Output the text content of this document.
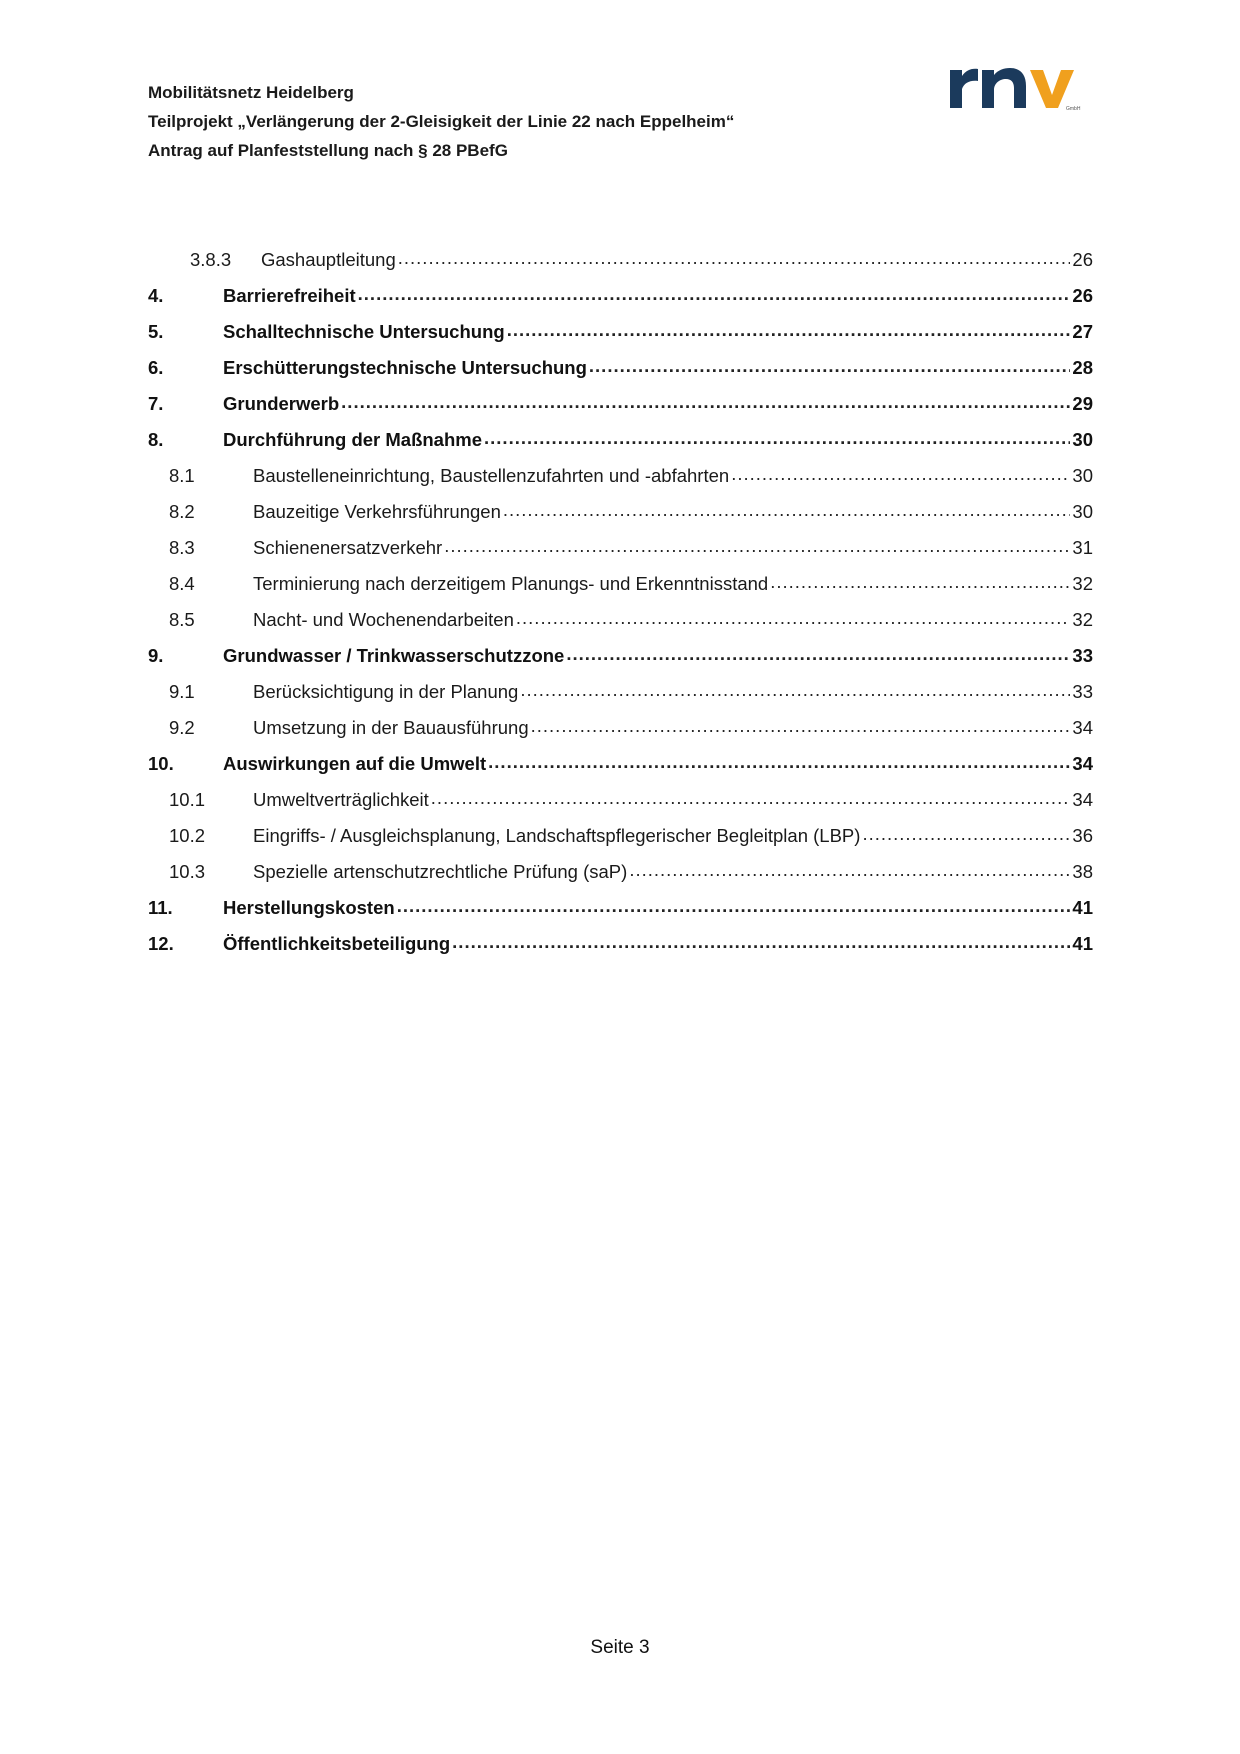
Mobilitätsnetz Heidelberg
Teilprojekt „Verlängerung der 2-Gleisigkeit der Linie 22 nach Eppelheim“
Antrag auf Planfeststellung nach § 28 PBefG
GmbH
3.8.3	Gashauptleitung .....	26
4.	Barrierefreiheit .....	26
5.	Schalltechnische Untersuchung .....	27
6.	Erschütterungstechnische Untersuchung .....	28
7.	Grunderwerb .....	29
8.	Durchführung der Maßnahme .....	30
8.1	Baustelleneinrichtung, Baustellenzufahrten und -abfahrten .....	30
8.2	Bauzeitige Verkehrsführungen .....	30
8.3	Schienenersatzverkehr .....	31
8.4	Terminierung nach derzeitigem Planungs- und Erkenntnisstand .....	32
8.5	Nacht- und Wochenendarbeiten .....	32
9.	Grundwasser / Trinkwasserschutzzone .....	33
9.1	Berücksichtigung in der Planung .....	33
9.2	Umsetzung in der Bauausführung .....	34
10.	Auswirkungen auf die Umwelt .....	34
10.1	Umweltverträglichkeit .....	34
10.2	Eingriffs- / Ausgleichsplanung, Landschaftspflegerischer Begleitplan (LBP) .....	36
10.3	Spezielle artenschutzrechtliche Prüfung (saP) .....	38
11.	Herstellungskosten .....	41
12.	Öffentlichkeitsbeteiligung .....	41
Seite 3
